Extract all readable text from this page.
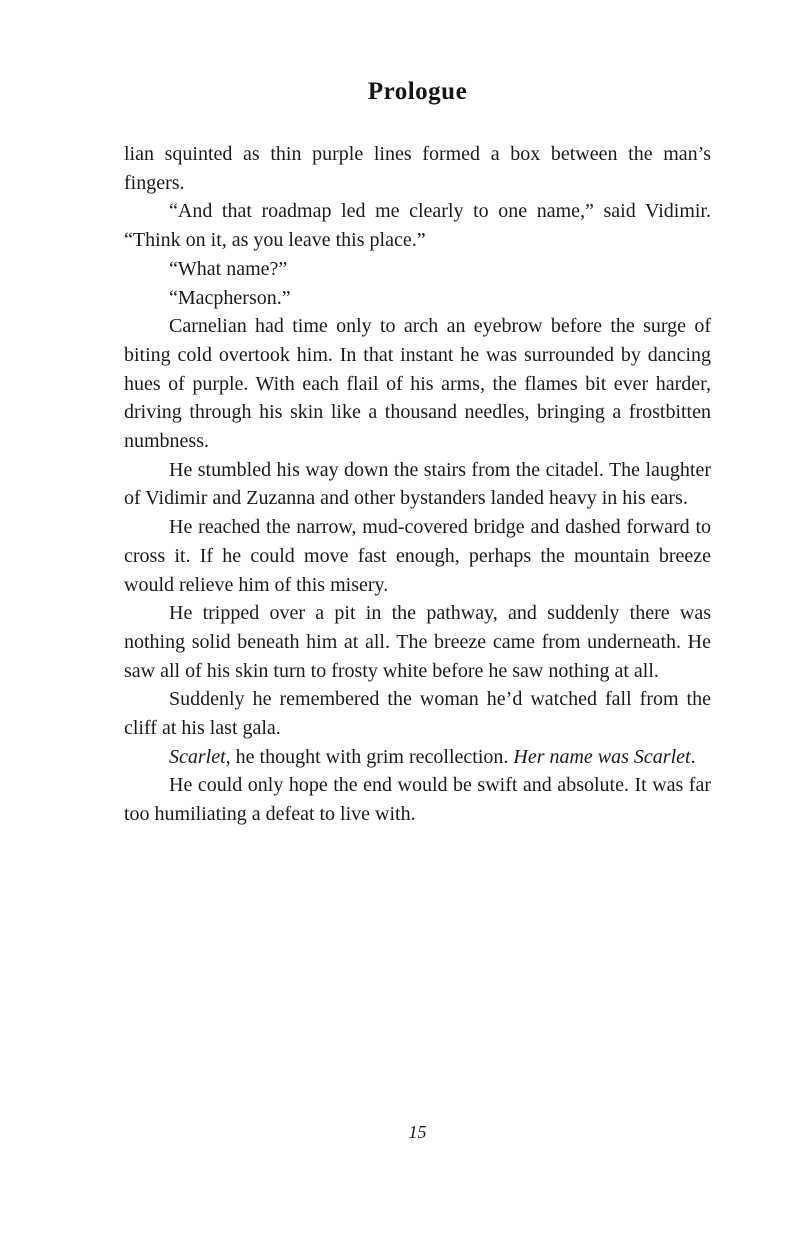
Prologue

lian squinted as thin purple lines formed a box between the man’s fingers.

“And that roadmap led me clearly to one name,” said Vidimir. “Think on it, as you leave this place.”

“What name?”

“Macpherson.”

Carnelian had time only to arch an eyebrow before the surge of biting cold overtook him. In that instant he was surrounded by dancing hues of purple. With each flail of his arms, the flames bit ever harder, driving through his skin like a thousand needles, bringing a frostbitten numbness.

He stumbled his way down the stairs from the citadel. The laughter of Vidimir and Zuzanna and other bystanders landed heavy in his ears.

He reached the narrow, mud-covered bridge and dashed forward to cross it. If he could move fast enough, perhaps the mountain breeze would relieve him of this misery.

He tripped over a pit in the pathway, and suddenly there was nothing solid beneath him at all. The breeze came from underneath. He saw all of his skin turn to frosty white before he saw nothing at all.

Suddenly he remembered the woman he’d watched fall from the cliff at his last gala.

Scarlet, he thought with grim recollection. Her name was Scarlet.

He could only hope the end would be swift and absolute. It was far too humiliating a defeat to live with.

15
